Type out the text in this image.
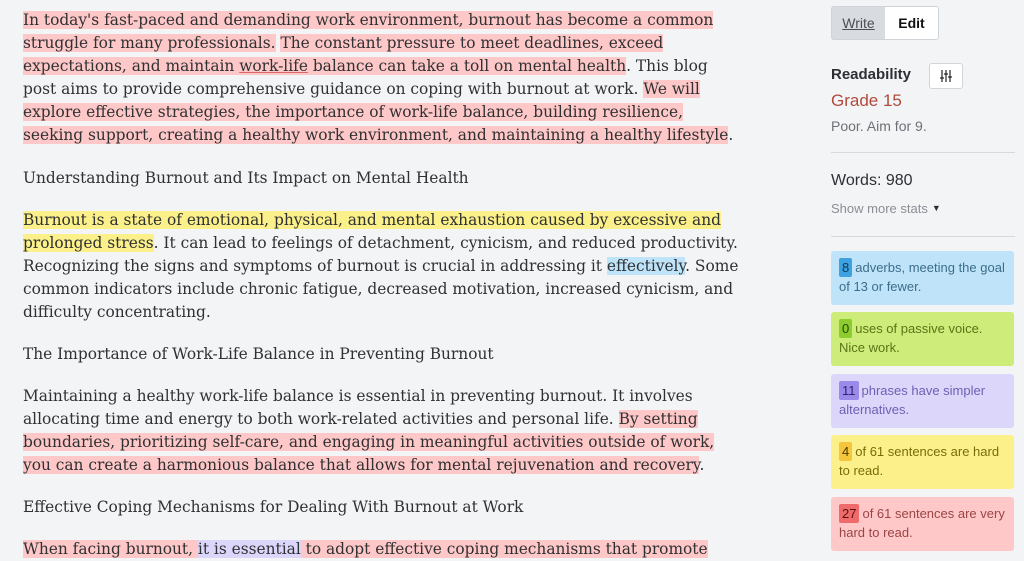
In today's fast-paced and demanding work environment, burnout has become a common struggle for many professionals. The constant pressure to meet deadlines, exceed expectations, and maintain work-life balance can take a toll on mental health. This blog post aims to provide comprehensive guidance on coping with burnout at work. We will explore effective strategies, the importance of work-life balance, building resilience, seeking support, creating a healthy work environment, and maintaining a healthy lifestyle.
Understanding Burnout and Its Impact on Mental Health
Burnout is a state of emotional, physical, and mental exhaustion caused by excessive and prolonged stress. It can lead to feelings of detachment, cynicism, and reduced productivity. Recognizing the signs and symptoms of burnout is crucial in addressing it effectively. Some common indicators include chronic fatigue, decreased motivation, increased cynicism, and difficulty concentrating.
The Importance of Work-Life Balance in Preventing Burnout
Maintaining a healthy work-life balance is essential in preventing burnout. It involves allocating time and energy to both work-related activities and personal life. By setting boundaries, prioritizing self-care, and engaging in meaningful activities outside of work, you can create a harmonious balance that allows for mental rejuvenation and recovery.
Effective Coping Mechanisms for Dealing With Burnout at Work
When facing burnout, it is essential to adopt effective coping mechanisms that promote
Write	Edit
Readability
Grade 15
Poor. Aim for 9.
Words: 980
Show more stats ▼
8 adverbs, meeting the goal of 13 or fewer.
0 uses of passive voice. Nice work.
11 phrases have simpler alternatives.
4 of 61 sentences are hard to read.
27 of 61 sentences are very hard to read.
